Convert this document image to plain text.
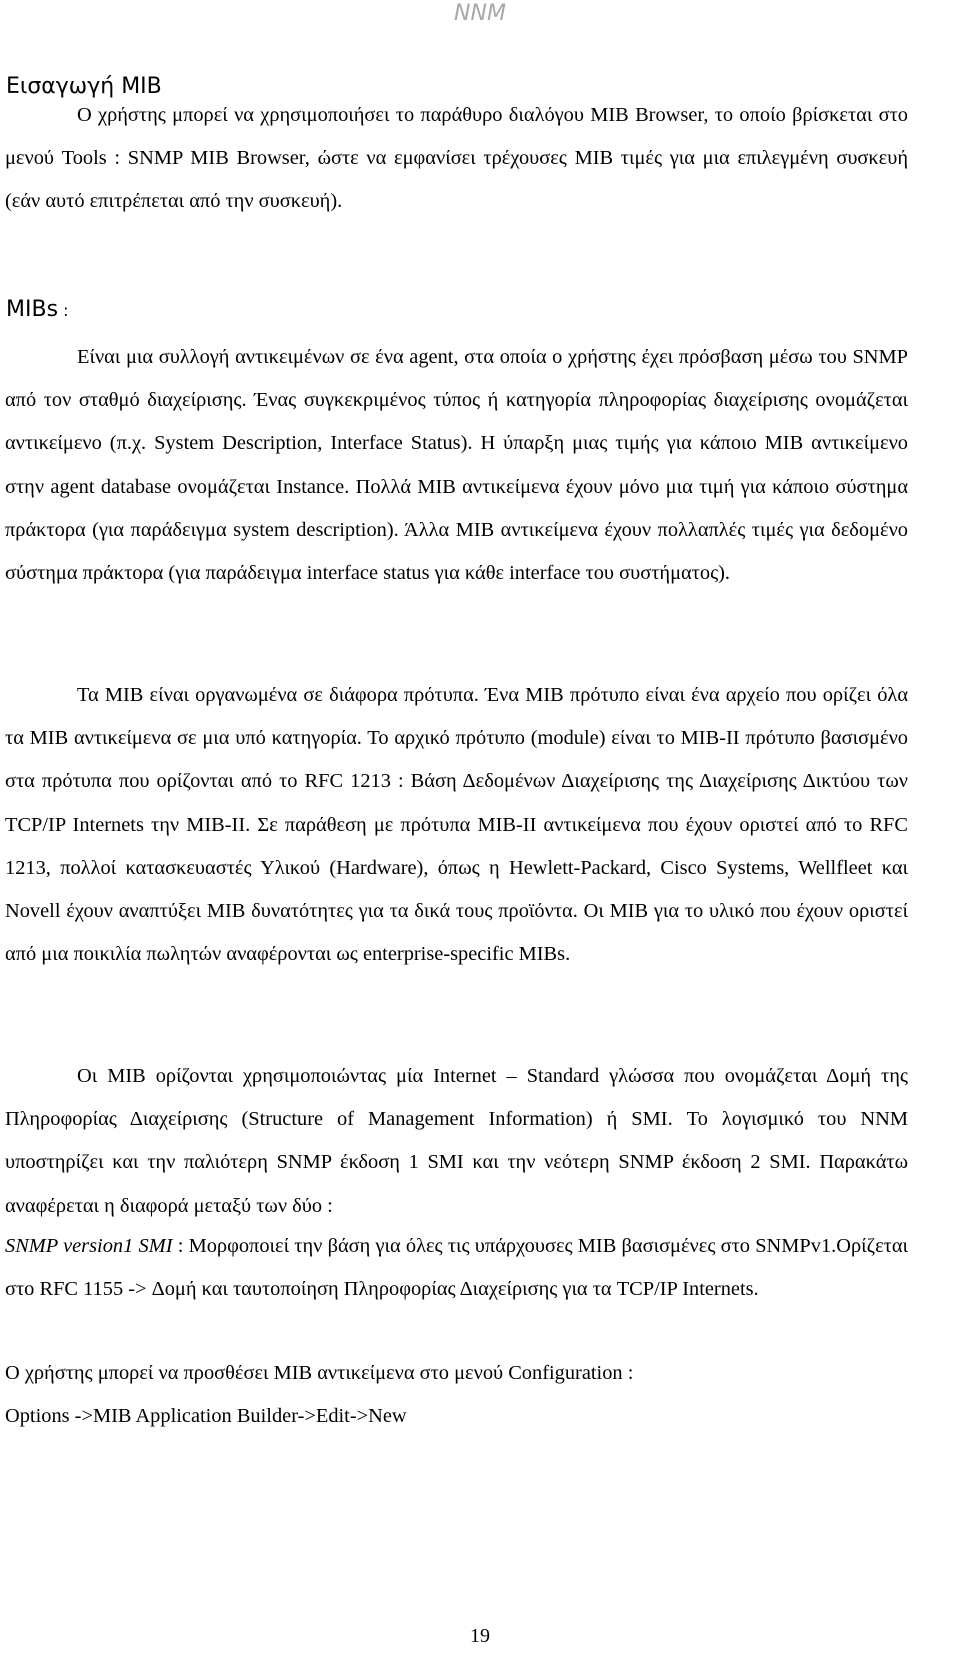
NNM
Εισαγωγή MIB
Ο χρήστης μπορεί να χρησιμοποιήσει το παράθυρο διαλόγου MIB Browser, το οποίο βρίσκεται στο μενού Tools : SNMP MIB Browser, ώστε να εμφανίσει τρέχουσες MIB τιμές για μια επιλεγμένη συσκευή (εάν αυτό επιτρέπεται από την συσκευή).
MIBs :
Είναι μια συλλογή αντικειμένων σε ένα agent, στα οποία ο χρήστης έχει πρόσβαση μέσω του SNMP από τον σταθμό διαχείρισης. Ένας συγκεκριμένος τύπος ή κατηγορία πληροφορίας διαχείρισης ονομάζεται αντικείμενο (π.χ. System Description, Interface Status). Η ύπαρξη μιας τιμής για κάποιο MIB αντικείμενο στην agent database ονομάζεται Instance. Πολλά MIB αντικείμενα έχουν μόνο μια τιμή για κάποιο σύστημα πράκτορα (για παράδειγμα system description). Άλλα MIB αντικείμενα έχουν πολλαπλές τιμές για δεδομένο σύστημα πράκτορα (για παράδειγμα interface status για κάθε interface του συστήματος).
Τα MIB είναι οργανωμένα σε διάφορα πρότυπα. Ένα MIB πρότυπο είναι ένα αρχείο που ορίζει όλα τα MIB αντικείμενα σε μια υπό κατηγορία. Το αρχικό πρότυπο (module) είναι το MIB-II πρότυπο βασισμένο στα πρότυπα που ορίζονται από το RFC 1213 : Βάση Δεδομένων Διαχείρισης της Διαχείρισης Δικτύου των TCP/IP Internets την MIB-II. Σε παράθεση με πρότυπα MIB-II αντικείμενα που έχουν οριστεί από το RFC 1213, πολλοί κατασκευαστές Υλικού (Hardware), όπως η Hewlett-Packard, Cisco Systems, Wellfleet και Novell έχουν αναπτύξει MIB δυνατότητες για τα δικά τους προϊόντα. Οι MIB για το υλικό που έχουν οριστεί από μια ποικιλία πωλητών αναφέρονται ως enterprise-specific MIBs.
Οι MIB ορίζονται χρησιμοποιώντας μία Internet – Standard γλώσσα που ονομάζεται Δομή της Πληροφορίας Διαχείρισης (Structure of Management Information) ή SMI. Το λογισμικό του NNM υποστηρίζει και την παλιότερη SNMP έκδοση 1 SMI και την νεότερη SNMP έκδοση 2 SMI. Παρακάτω αναφέρεται η διαφορά μεταξύ των δύο :
SNMP version1 SMI : Μορφοποιεί την βάση για όλες τις υπάρχουσες MIB βασισμένες στο SNMPv1.Ορίζεται στο RFC 1155 -> Δομή και ταυτοποίηση Πληροφορίας Διαχείρισης για τα TCP/IP Internets.
Ο χρήστης μπορεί να προσθέσει MIB αντικείμενα στο μενού Configuration :
Options ->MIB Application Builder->Edit->New
19
